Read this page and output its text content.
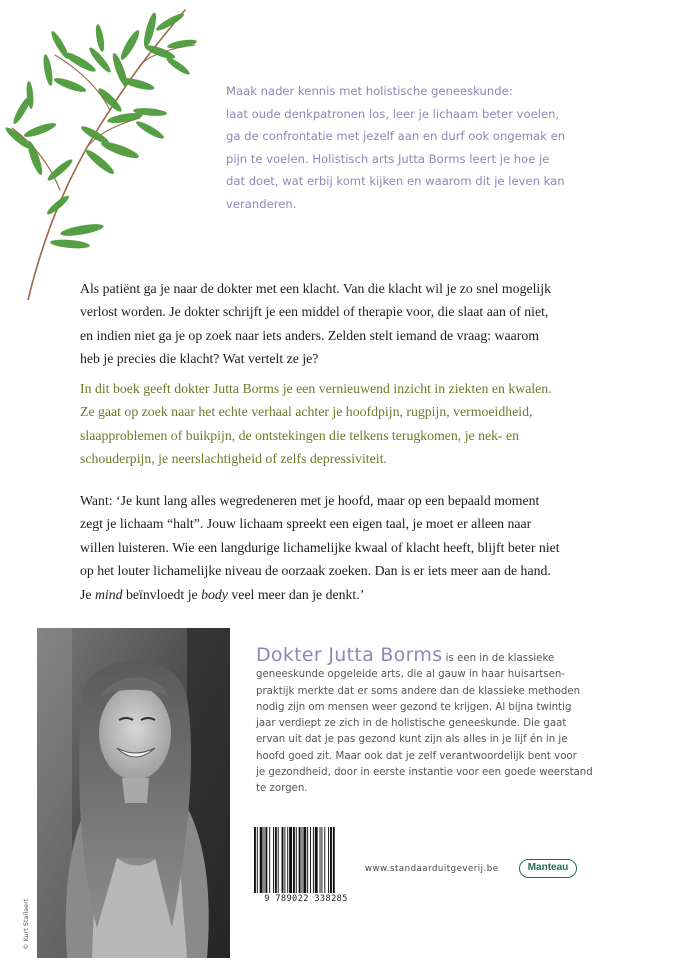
Maak nader kennis met holistische geneeskunde:
laat oude denkpatronen los, leer je lichaam beter voelen,
ga de confrontatie met jezelf aan en durf ook ongemak en
pijn te voelen. Holistisch arts Jutta Borms leert je hoe je
dat doet, wat erbij komt kijken en waarom dit je leven kan
veranderen.
Als patiënt ga je naar de dokter met een klacht. Van die klacht wil je zo snel mogelijk
verlost worden. Je dokter schrijft je een middel of therapie voor, die slaat aan of niet,
en indien niet ga je op zoek naar iets anders. Zelden stelt iemand de vraag: waarom
heb je precies die klacht? Wat vertelt ze je?
In dit boek geeft dokter Jutta Borms je een vernieuwend inzicht in ziekten en kwalen.
Ze gaat op zoek naar het echte verhaal achter je hoofdpijn, rugpijn, vermoeidheid,
slaapproblemen of buikpijn, de ontstekingen die telkens terugkomen, je nek- en
schouderpijn, je neerslachtigheid of zelfs depressiviteit.
Want: ‘Je kunt lang alles wegredeneren met je hoofd, maar op een bepaald moment
zegt je lichaam “halt”. Jouw lichaam spreekt een eigen taal, je moet er alleen naar
willen luisteren. Wie een langdurige lichamelijke kwaal of klacht heeft, blijft beter niet
op het louter lichamelijke niveau de oorzaak zoeken. Dan is er iets meer aan de hand.
Je mind beïnvloedt je body veel meer dan je denkt.’
© Kurt Stallaert
Dokter Jutta Borms is een in de klassieke
geneeskunde opgeleide arts, die al gauw in haar huisartsen-
praktijk merkte dat er soms andere dan de klassieke methoden
nodig zijn om mensen weer gezond te krijgen. Al bijna twintig
jaar verdiept ze zich in de holistische geneeskunde. Die gaat
ervan uit dat je pas gezond kunt zijn als alles in je lijf én in je
hoofd goed zit. Maar ook dat je zelf verantwoordelijk bent voor
je gezondheid, door in eerste instantie voor een goede weerstand
te zorgen.
9 789022 338285
www.standaarduitgeverij.be	Manteau
